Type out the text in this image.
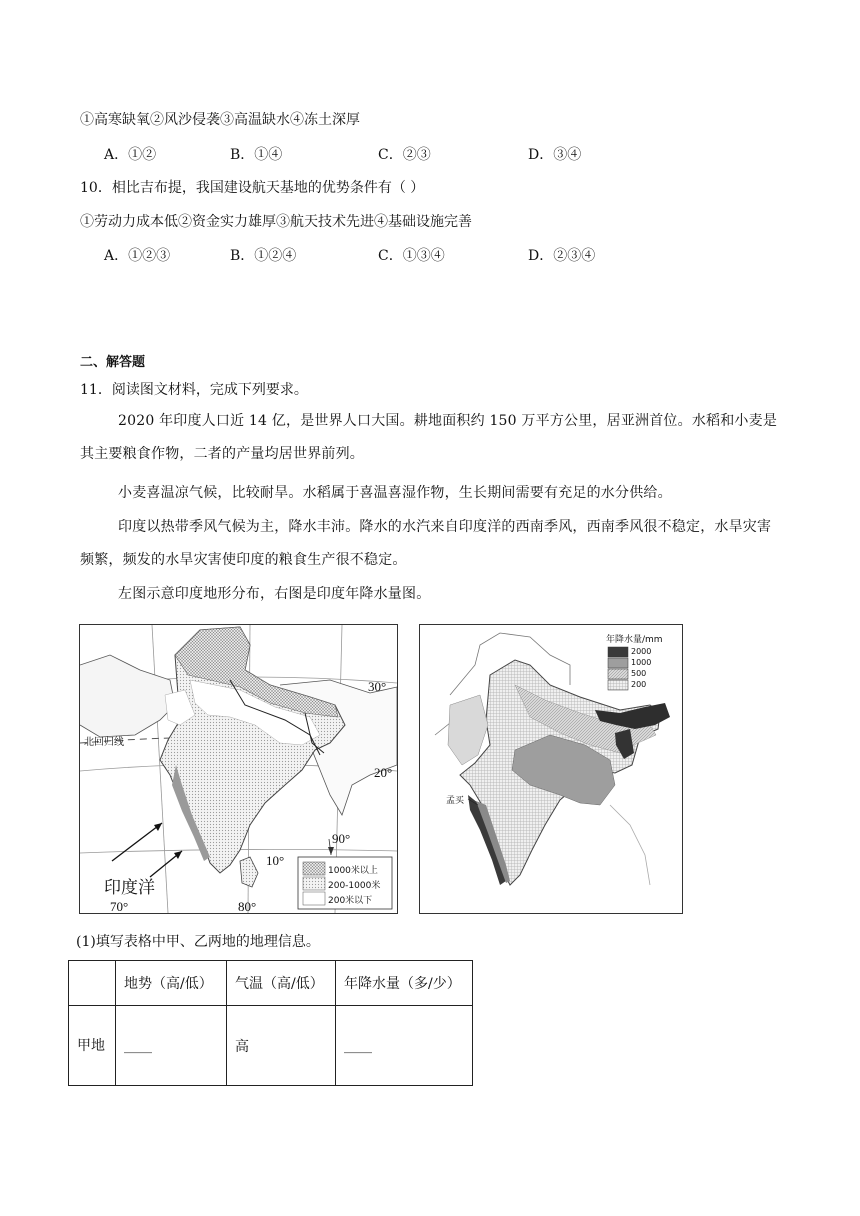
①高寒缺氧②风沙侵袭③高温缺水④冻土深厚
A．①②	B．①④	C．②③	D．③④
10．相比吉布提，我国建设航天基地的优势条件有（ ）
①劳动力成本低②资金实力雄厚③航天技术先进④基础设施完善
A．①②③	B．①②④	C．①③④	D．②③④
二、解答题
11．阅读图文材料，完成下列要求。
2020 年印度人口近 14 亿，是世界人口大国。耕地面积约 150 万平方公里，居亚洲首位。水稻和小麦是其主要粮食作物，二者的产量均居世界前列。
小麦喜温凉气候，比较耐旱。水稻属于喜温喜湿作物，生长期间需要有充足的水分供给。
印度以热带季风气候为主，降水丰沛。降水的水汽来自印度洋的西南季风，西南季风很不稳定，水旱灾害频繁，频发的水旱灾害使印度的粮食生产很不稳定。
左图示意印度地形分布，右图是印度年降水量图。
30°
20°
10°
70°	80°
90°
北回归线
印度洋
1000米以上
200-1000米
200米以下
年降水量/mm
2000
1000
500
200
孟买
(1)填写表格中甲、乙两地的地理信息。
	地势（高/低）	气温（高/低）	年降水量（多/少）
甲地	____	高	____
